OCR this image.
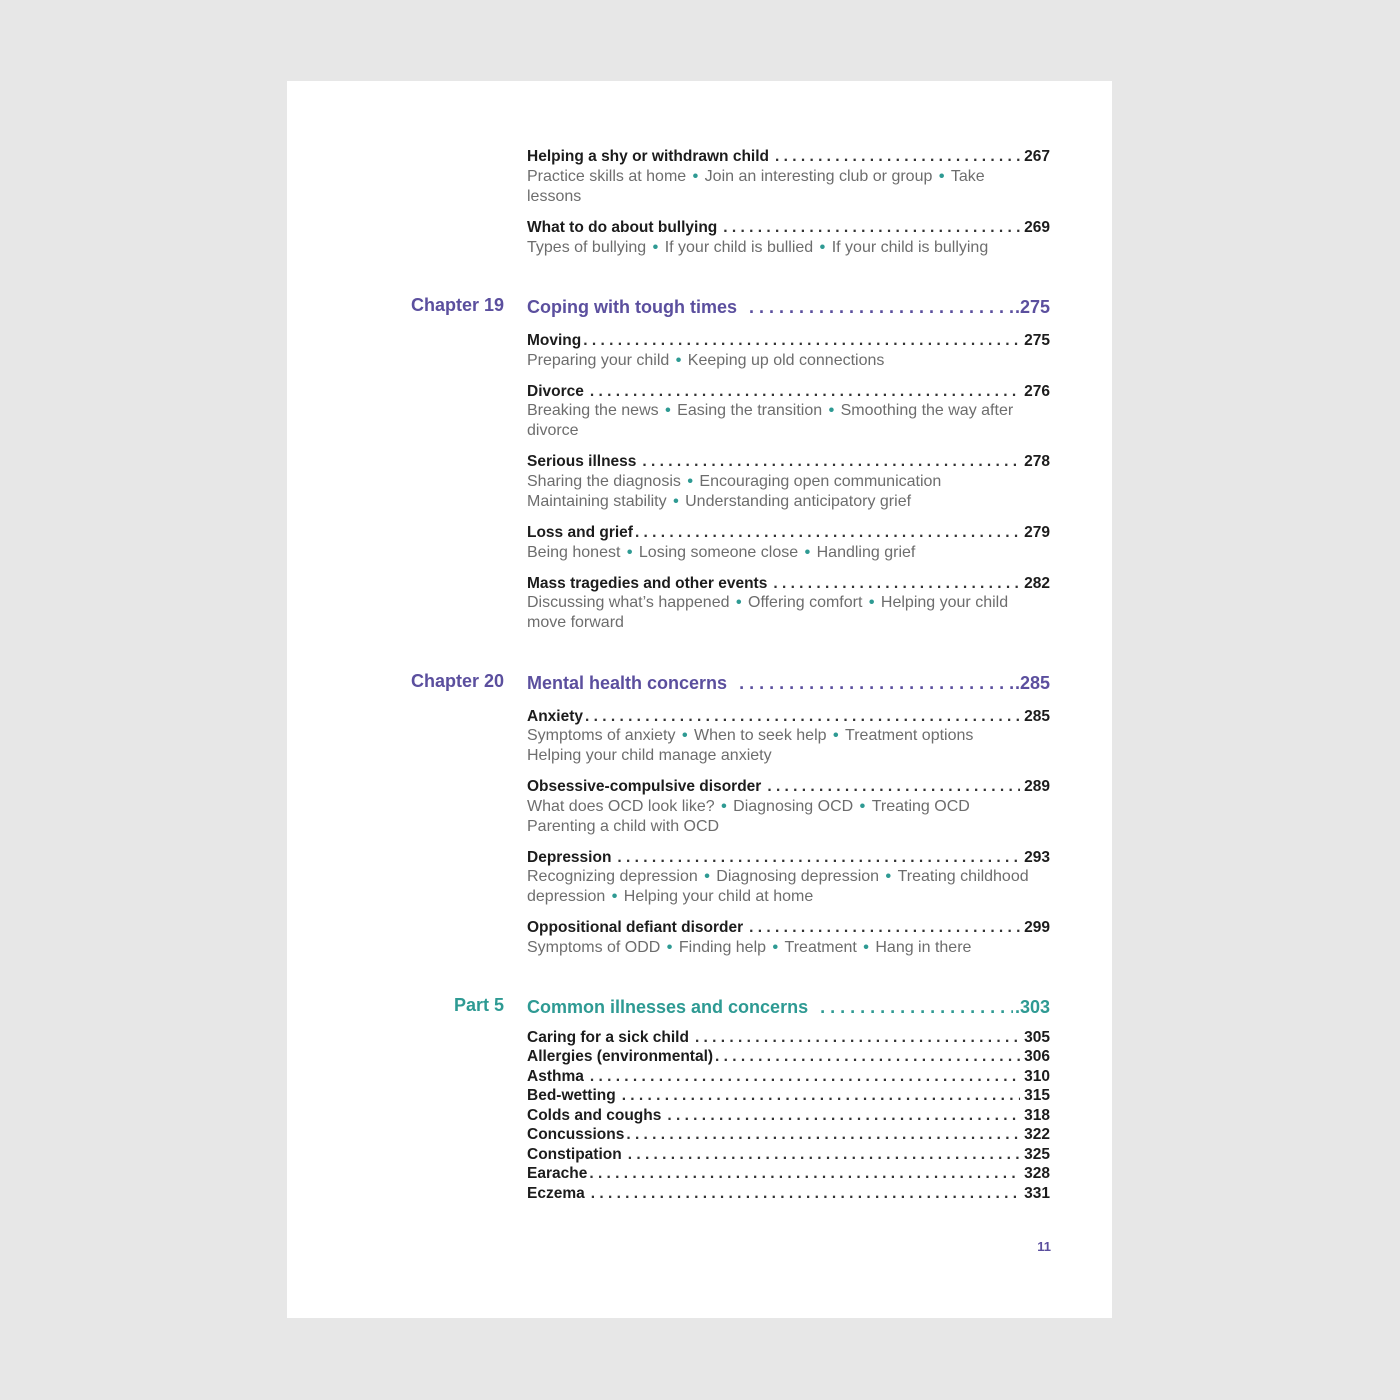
Helping a shy or withdrawn child . . .	267
Practice skills at home • Join an interesting club or group • Take
lessons
What to do about bullying . . .	269
Types of bullying • If your child is bullied • If your child is bullying
Chapter 19 Coping with tough times . . .	.275
Moving . . .	275
Preparing your child • Keeping up old connections
Divorce . . .	276
Breaking the news • Easing the transition • Smoothing the way after
divorce
Serious illness . . .	278
Sharing the diagnosis • Encouraging open communication
Maintaining stability • Understanding anticipatory grief
Loss and grief . . .	279
Being honest • Losing someone close • Handling grief
Mass tragedies and other events . . .	282
Discussing what’s happened • Offering comfort • Helping your child
move forward
Chapter 20 Mental health concerns . . .	.285
Anxiety . . .	285
Symptoms of anxiety • When to seek help • Treatment options
Helping your child manage anxiety
Obsessive-compulsive disorder . . .	289
What does OCD look like? • Diagnosing OCD • Treating OCD
Parenting a child with OCD
Depression . . .	293
Recognizing depression • Diagnosing depression • Treating childhood
depression • Helping your child at home
Oppositional defiant disorder . . .	299
Symptoms of ODD • Finding help • Treatment • Hang in there
Part 5 Common illnesses and concerns . . .	.303
Caring for a sick child . . .	305
Allergies (environmental) . . .	306
Asthma . . .	310
Bed-wetting . . .	315
Colds and coughs . . .	318
Concussions . . .	322
Constipation . . .	325
Earache . . .	328
Eczema . . .	331
11
